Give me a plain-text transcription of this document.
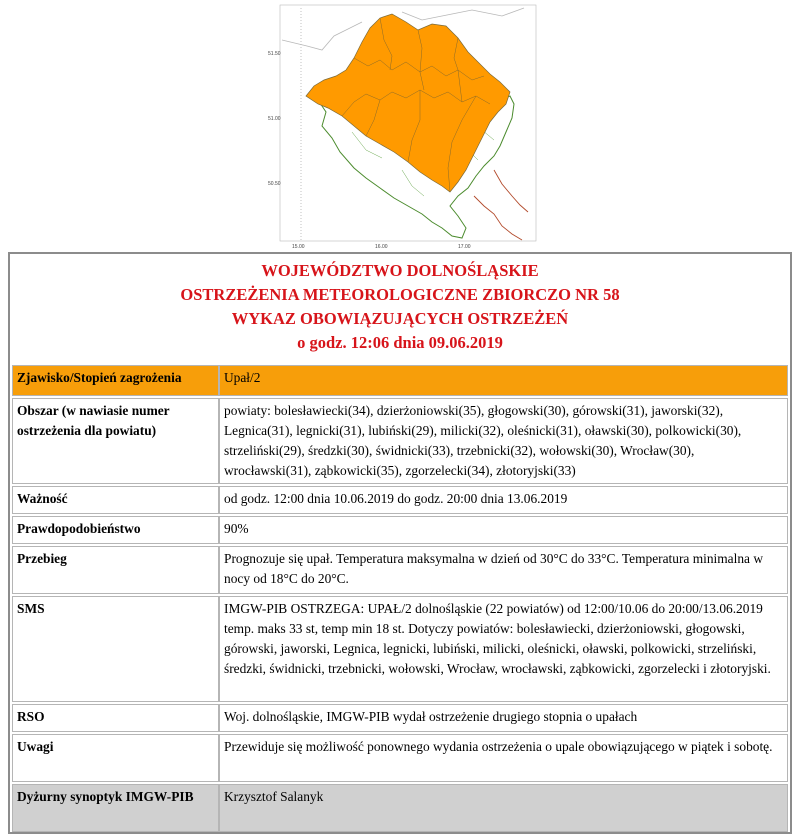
51.50
51.00
50.50
15.00	16.00	17.00
WOJEWÓDZTWO DOLNOŚLĄSKIE
OSTRZEŻENIA METEOROLOGICZNE ZBIORCZO NR 58
WYKAZ OBOWIĄZUJĄCYCH OSTRZEŻEŃ
o godz. 12:06 dnia 09.06.2019
Zjawisko/Stopień zagrożenia	Upał/2
Obszar (w nawiasie numer ostrzeżenia dla powiatu)	powiaty: bolesławiecki(34), dzierżoniowski(35), głogowski(30), górowski(31), jaworski(32), Legnica(31), legnicki(31), lubiński(29), milicki(32), oleśnicki(31), oławski(30), polkowicki(30), strzeliński(29), średzki(30), świdnicki(33), trzebnicki(32), wołowski(30), Wrocław(30), wrocławski(31), ząbkowicki(35), zgorzelecki(34), złotoryjski(33)
Ważność	od godz. 12:00 dnia 10.06.2019 do godz. 20:00 dnia 13.06.2019
Prawdopodobieństwo	90%
Przebieg	Prognozuje się upał. Temperatura maksymalna w dzień od 30°C do 33°C. Temperatura minimalna w nocy od 18°C do 20°C.
SMS	IMGW-PIB OSTRZEGA: UPAŁ/2 dolnośląskie (22 powiatów) od 12:00/10.06 do 20:00/13.06.2019 temp. maks 33 st, temp min 18 st. Dotyczy powiatów: bolesławiecki, dzierżoniowski, głogowski, górowski, jaworski, Legnica, legnicki, lubiński, milicki, oleśnicki, oławski, polkowicki, strzeliński, średzki, świdnicki, trzebnicki, wołowski, Wrocław, wrocławski, ząbkowicki, zgorzelecki i złotoryjski.
RSO	Woj. dolnośląskie, IMGW-PIB wydał ostrzeżenie drugiego stopnia o upałach
Uwagi	Przewiduje się możliwość ponownego wydania ostrzeżenia o upale obowiązującego w piątek i sobotę.
Dyżurny synoptyk IMGW-PIB	Krzysztof Salanyk
